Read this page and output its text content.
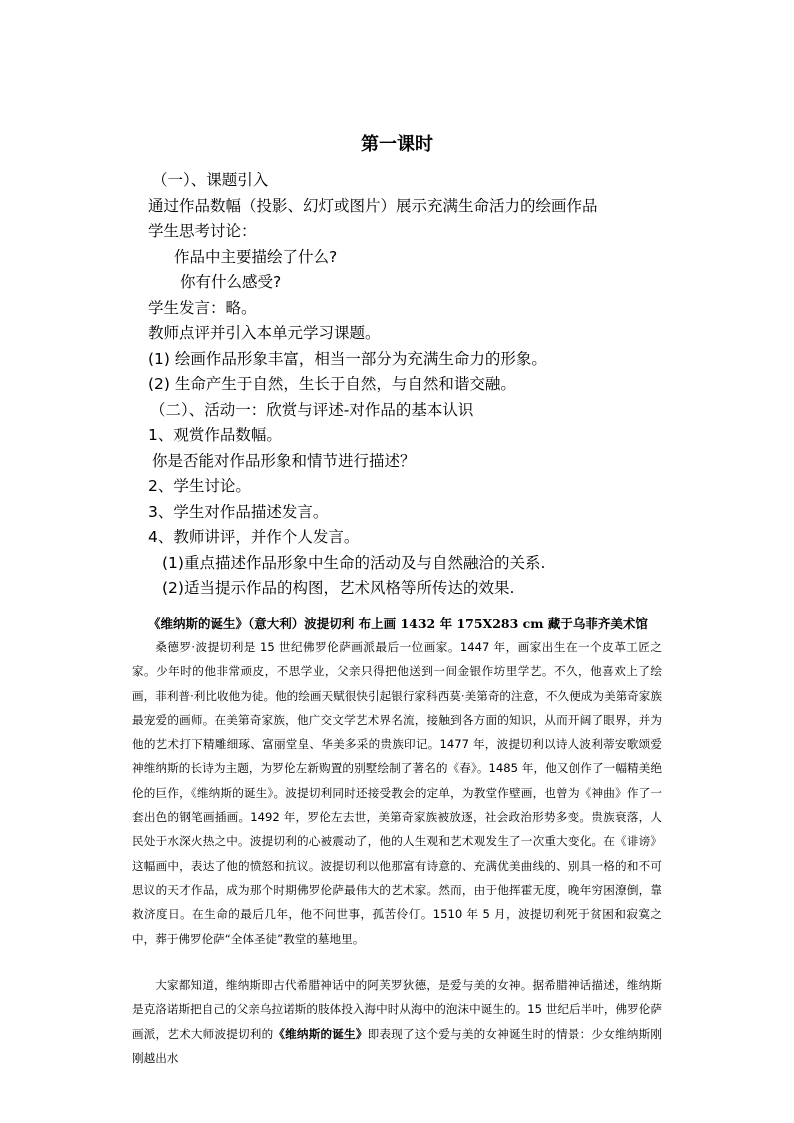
第一课时
（一）、课题引入
通过作品数幅（投影、幻灯或图片）展示充满生命活力的绘画作品
学生思考讨论：
作品中主要描绘了什么?
你有什么感受?
学生发言：略。
教师点评并引入本单元学习课题。
(1) 绘画作品形象丰富，相当一部分为充满生命力的形象。
(2) 生命产生于自然，生长于自然，与自然和谐交融。
（二）、活动一：欣赏与评述-对作品的基本认识
1、观赏作品数幅。
你是否能对作品形象和情节进行描述？
2、学生讨论。
3、学生对作品描述发言。
4、教师讲评，并作个人发言。
(1)重点描述作品形象中生命的活动及与自然融洽的关系.
(2)适当提示作品的构图，艺术风格等所传达的效果.
《维纳斯的诞生》（意大利）波提切利 布上画 1432 年 175X283 cm 藏于乌菲齐美术馆
桑德罗·波提切利是 15 世纪佛罗伦萨画派最后一位画家。1447 年，画家出生在一个皮革工匠之家。少年时的他非常顽皮，不思学业，父亲只得把他送到一间金银作坊里学艺。不久，他喜欢上了绘画，菲利普·利比收他为徒。他的绘画天赋很快引起银行家科西莫·美第奇的注意，不久便成为美第奇家族最宠爱的画师。在美第奇家族，他广交文学艺术界名流，接触到各方面的知识，从而开阔了眼界，并为他的艺术打下精雕细琢、富丽堂皇、华美多采的贵族印记。1477 年，波提切利以诗人波利蒂安歌颂爱神维纳斯的长诗为主题，为罗伦左新购置的别墅绘制了著名的《春》。1485 年，他又创作了一幅精美绝伦的巨作，《维纳斯的诞生》。波提切利同时还接受教会的定单，为教堂作壁画，也曾为《神曲》作了一套出色的钢笔画插画。1492 年，罗伦左去世，美第奇家族被放逐，社会政治形势多变。贵族衰落，人民处于水深火热之中。波提切利的心被震动了，他的人生观和艺术观发生了一次重大变化。在《诽谤》这幅画中，表达了他的愤怒和抗议。波提切利以他那富有诗意的、充满优美曲线的、别具一格的和不可思议的天才作品，成为那个时期佛罗伦萨最伟大的艺术家。然而，由于他挥霍无度，晚年穷困潦倒，靠救济度日。在生命的最后几年，他不问世事，孤苦伶仃。1510 年 5 月，波提切利死于贫困和寂寞之中，葬于佛罗伦萨“全体圣徒”教堂的墓地里。
大家都知道，维纳斯即古代希腊神话中的阿芙罗狄德，是爱与美的女神。据希腊神话描述，维纳斯是克洛诺斯把自己的父亲乌拉诺斯的肢体投入海中时从海中的泡沫中诞生的。15 世纪后半叶，佛罗伦萨画派，艺术大师波提切利的《维纳斯的诞生》即表现了这个爱与美的女神诞生时的情景：少女维纳斯刚刚越出水
